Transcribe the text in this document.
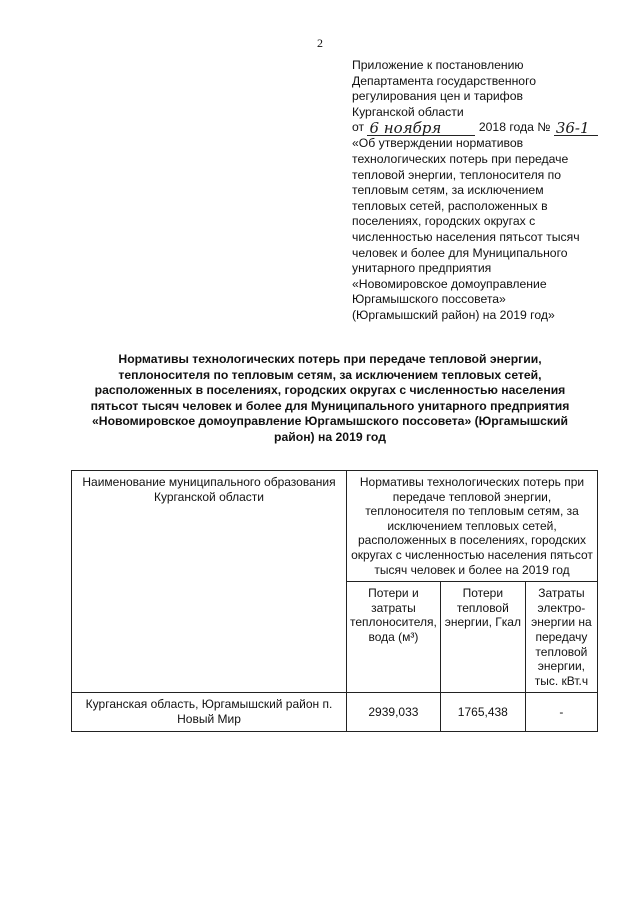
2
Приложение к постановлению
Департамента государственного
регулирования цен и тарифов
Курганской области
от 6 ноября	2018 года № 36-1
«Об утверждении нормативов
технологических потерь при передаче
тепловой энергии, теплоносителя по
тепловым сетям, за исключением
тепловых сетей, расположенных в
поселениях, городских округах с
численностью населения пятьсот тысяч
человек и более для Муниципального
унитарного предприятия
«Новомировское домоуправление
Юргамышского поссовета»
(Юргамышский район) на 2019 год»
Нормативы технологических потерь при передаче тепловой энергии,
теплоносителя по тепловым сетям, за исключением тепловых сетей,
расположенных в поселениях, городских округах с численностью населения
пятьсот тысяч человек и более для Муниципального унитарного предприятия
«Новомировское домоуправление Юргамышского поссовета» (Юргамышский
район) на 2019 год
Наименование муниципального образования Курганской области	Нормативы технологических потерь при передаче тепловой энергии, теплоносителя по тепловым сетям, за исключением тепловых сетей, расположенных в поселениях, городских округах с численностью населения пятьсот тысяч человек и более на 2019 год		
	Потери и затраты теплоносителя, вода (м³)	Потери тепловой энергии, Гкал	Затраты электро-энергии на передачу тепловой энергии, тыс. кВт.ч
Курганская область, Юргамышский район п. Новый Мир	2939,033	1765,438	-
